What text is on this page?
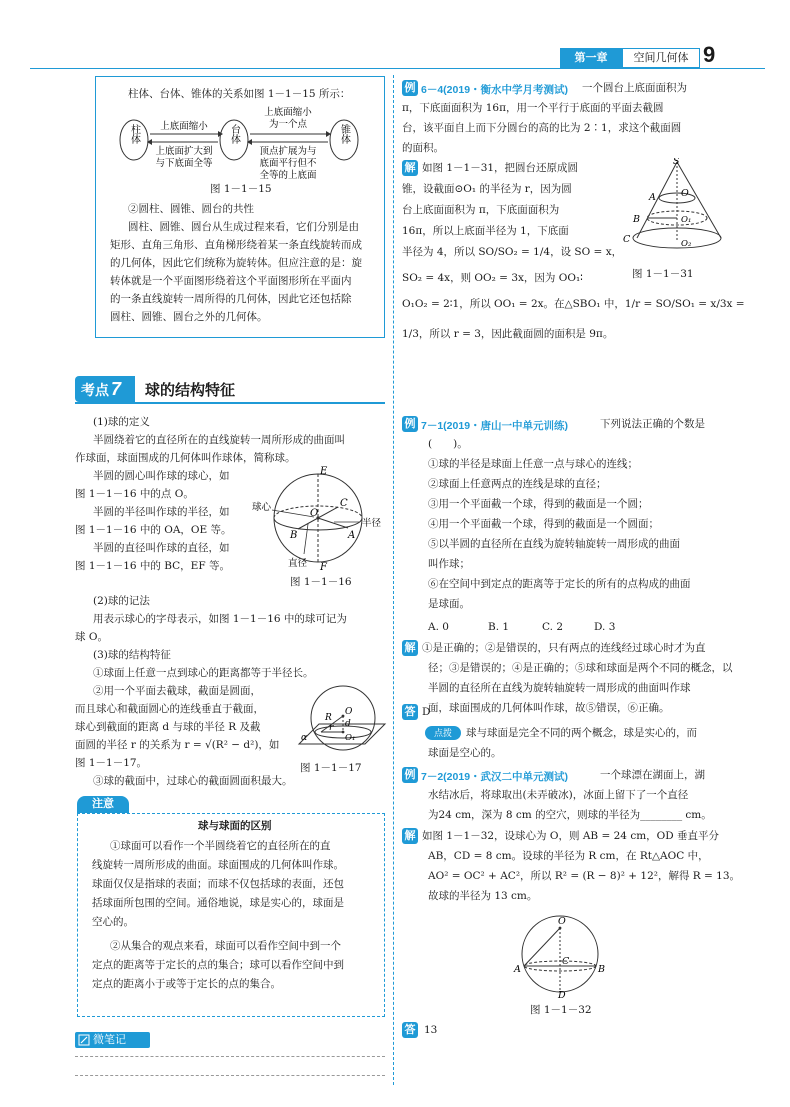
第一章	空间几何体 9
柱体、台体、锥体的关系如图 1－1－15 所示：
柱体	台体	锥体
上底面缩小
上底面扩大到
与下底面全等
上底面缩小
为一个点
顶点扩展为与
底面平行但不
全等的上底面
图 1－1－15
②圆柱、圆锥、圆台的共性
圆柱、圆锥、圆台从生成过程来看，它们分别是由
矩形、直角三角形、直角梯形绕着某一条直线旋转而成
的几何体，因此它们统称为旋转体。但应注意的是：旋
转体就是一个平面图形绕着这个平面图形所在平面内
的一条直线旋转一周所得的几何体，因此它还包括除
圆柱、圆锥、圆台之外的几何体。
考点 7	球的结构特征
(1)球的定义
半圆绕着它的直径所在的直线旋转一周所形成的曲面叫
作球面，球面围成的几何体叫作球体，简称球。
半圆的圆心叫作球的球心，如
图 1－1－16 中的点 O。
半圆的半径叫作球的半径，如
图 1－1－16 中的 OA，OE 等。
半圆的直径叫作球的直径，如
图 1－1－16 中的 BC，EF 等。
球心
半径
直径
E
F
O
A
B
C
图 1－1－16
(2)球的记法
用表示球心的字母表示，如图 1－1－16 中的球可记为
球 O。
(3)球的结构特征
①球面上任意一点到球心的距离都等于半径长。
②用一个平面去截球，截面是圆面，
而且球心和截面圆心的连线垂直于截面，
球心到截面的距离 d 与球的半径 R 及截
面圆的半径 r 的关系为 r = √(R² − d²)，如
图 1－1－17。
③球的截面中，过球心的截面圆面积最大。
R
d
O
O₁
r
α
图 1－1－17
注意
球与球面的区别
①球面可以看作一个半圆绕着它的直径所在的直
线旋转一周所形成的曲面。球面围成的几何体叫作球。
球面仅仅是指球的表面；而球不仅包括球的表面，还包
括球面所包围的空间。通俗地说，球是实心的，球面是
空心的。
②从集合的观点来看，球面可以看作空间中到一个
定点的距离等于定长的点的集合；球可以看作空间中到
定点的距离小于或等于定长的点的集合。
微笔记
例 6－4(2019・衡水中学月考测试) 一个圆台上底面面积为
π，下底面面积为 16π，用一个平行于底面的平面去截圆
台，该平面自上而下分圆台的高的比为 2∶1，求这个截面圆
的面积。
解 如图 1－1－31，把圆台还原成圆
锥，设截面⊙O₁ 的半径为 r，因为圆
台上底面面积为 π，下底面面积为
16π，所以上底面半径为 1，下底面
半径为 4，所以 SO/SO₂ = 1/4，设 SO = x，
SO₂ = 4x，则 OO₂ = 3x，因为 OO₁∶
O₁O₂ = 2∶1，所以 OO₁ = 2x。在△SBO₁ 中，1/r = SO/SO₁ = x/3x =
1/3，所以 r = 3，因此截面圆的面积是 9π。
S
A
B
C
O
O₁
O₂
图 1－1－31
例 7－1(2019・唐山一中单元训练)	下列说法正确的个数是
(　　)。
①球的半径是球面上任意一点与球心的连线；
②球面上任意两点的连线是球的直径；
③用一个平面截一个球，得到的截面是一个圆；
④用一个平面截一个球，得到的截面是一个圆面；
⑤以半圆的直径所在直线为旋转轴旋转一周形成的曲面
叫作球；
⑥在空间中到定点的距离等于定长的所有的点构成的曲面
是球面。
A. 0	B. 1	C. 2	D. 3
解 ①是正确的；②是错误的，只有两点的连线经过球心时才为直
径；③是错误的；④是正确的；⑤球和球面是两个不同的概念，以
半圆的直径所在直线为旋转轴旋转一周形成的曲面叫作球
面，球面围成的几何体叫作球，故⑤错误，⑥正确。
答 D
点拨	球与球面是完全不同的两个概念，球是实心的，而
球面是空心的。
例 7－2(2019・武汉二中单元测试)	一个球漂在湖面上，湖
水结冰后，将球取出(未弄破冰)，冰面上留下了一个直径
为24 cm，深为 8 cm 的空穴，则球的半径为________ cm。
解 如图 1－1－32，设球心为 O，则 AB = 24 cm，OD 垂直平分
AB，CD = 8 cm。设球的半径为 R cm，在 Rt△AOC 中，
AO² = OC² + AC²，所以 R² = (R − 8)² + 12²，解得 R = 13。
故球的半径为 13 cm。
O
A	B
C
D
图 1－1－32
答 13
